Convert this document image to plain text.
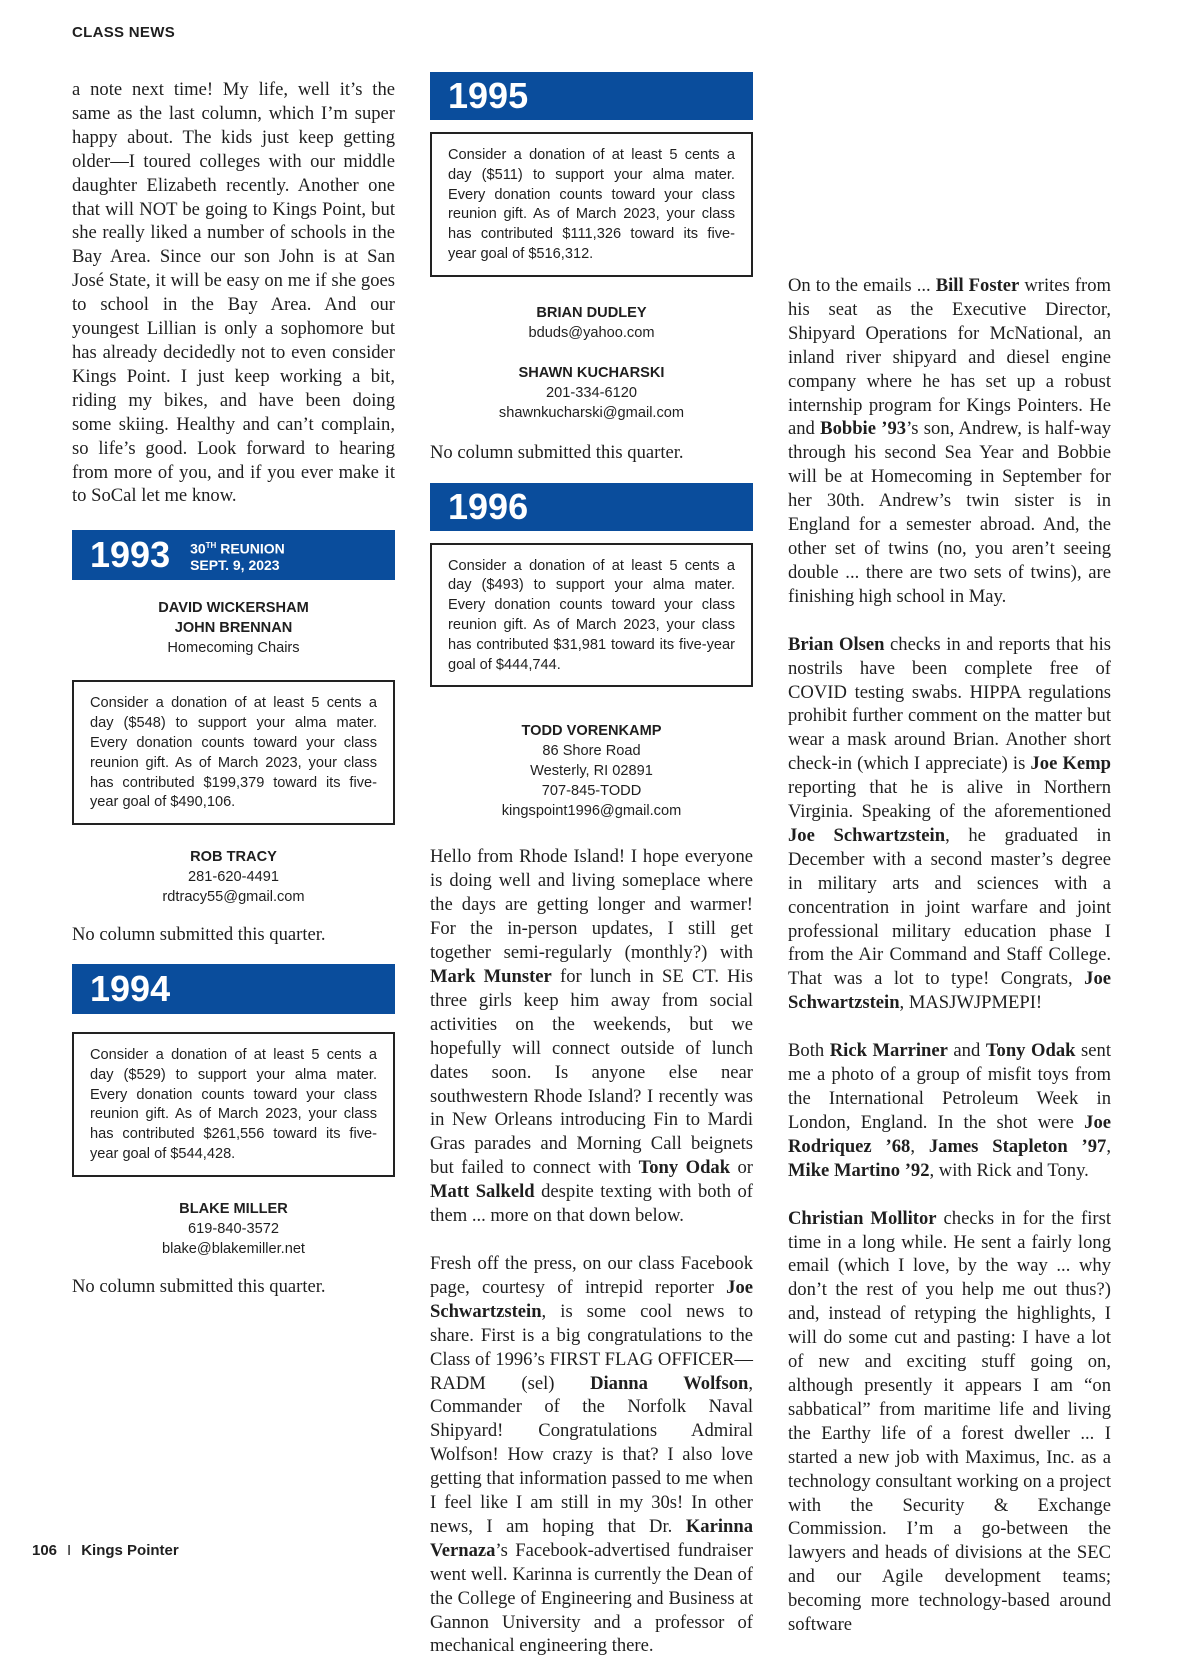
CLASS NEWS

a note next time! My life, well it’s the same as the last column, which I’m super happy about. The kids just keep getting older—I toured colleges with our middle daughter Elizabeth recently. Another one that will NOT be going to Kings Point, but she really liked a number of schools in the Bay Area. Since our son John is at San José State, it will be easy on me if she goes to school in the Bay Area. And our youngest Lillian is only a sophomore but has already decidedly not to even consider Kings Point. I just keep working a bit, riding my bikes, and have been doing some skiing. Healthy and can’t complain, so life’s good. Look forward to hearing from more of you, and if you ever make it to SoCal let me know.

1993 30TH REUNION
SEPT. 9, 2023
DAVID WICKERSHAM
JOHN BRENNAN
Homecoming Chairs
Consider a donation of at least 5 cents a day ($548) to support your alma mater. Every donation counts toward your class reunion gift. As of March 2023, your class has contributed $199,379 toward its five-year goal of $490,106.
ROB TRACY
281-620-4491
rdtracy55@gmail.com
No column submitted this quarter.
1994
Consider a donation of at least 5 cents a day ($529) to support your alma mater. Every donation counts toward your class reunion gift. As of March 2023, your class has contributed $261,556 toward its five-year goal of $544,428.
BLAKE MILLER
619-840-3572
blake@blakemiller.net
No column submitted this quarter.
1995
Consider a donation of at least 5 cents a day ($511) to support your alma mater. Every donation counts toward your class reunion gift. As of March 2023, your class has contributed $111,326 toward its five-year goal of $516,312.
BRIAN DUDLEY
bduds@yahoo.com
SHAWN KUCHARSKI
201-334-6120
shawnkucharski@gmail.com
No column submitted this quarter.
1996
Consider a donation of at least 5 cents a day ($493) to support your alma mater. Every donation counts toward your class reunion gift. As of March 2023, your class has contributed $31,981 toward its five-year goal of $444,744.
TODD VORENKAMP
86 Shore Road
Westerly, RI 02891
707-845-TODD
kingspoint1996@gmail.com

Hello from Rhode Island! I hope everyone is doing well and living someplace where the days are getting longer and warmer! For the in-person updates, I still get together semi-regularly (monthly?) with Mark Munster for lunch in SE CT. His three girls keep him away from social activities on the weekends, but we hopefully will connect outside of lunch dates soon. Is anyone else near southwestern Rhode Island? I recently was in New Orleans introducing Fin to Mardi Gras parades and Morning Call beignets but failed to connect with Tony Odak or Matt Salkeld despite texting with both of them ... more on that down below.

Fresh off the press, on our class Facebook page, courtesy of intrepid reporter Joe Schwartzstein, is some cool news to share. First is a big congratulations to the Class of 1996’s FIRST FLAG OFFICER—RADM (sel) Dianna Wolfson, Commander of the Norfolk Naval Shipyard! Congratulations Admiral Wolfson! How crazy is that? I also love getting that information passed to me when I feel like I am still in my 30s! In other news, I am hoping that Dr. Karinna Vernaza’s Facebook-advertised fundraiser went well. Karinna is currently the Dean of the College of Engineering and Business at Gannon University and a professor of mechanical engineering there.

On to the emails ... Bill Foster writes from his seat as the Executive Director, Shipyard Operations for McNational, an inland river shipyard and diesel engine company where he has set up a robust internship program for Kings Pointers. He and Bobbie ’93’s son, Andrew, is half-way through his second Sea Year and Bobbie will be at Homecoming in September for her 30th. Andrew’s twin sister is in England for a semester abroad. And, the other set of twins (no, you aren’t seeing double ... there are two sets of twins), are finishing high school in May.

Brian Olsen checks in and reports that his nostrils have been complete free of COVID testing swabs. HIPPA regulations prohibit further comment on the matter but wear a mask around Brian. Another short check-in (which I appreciate) is Joe Kemp reporting that he is alive in Northern Virginia. Speaking of the aforementioned Joe Schwartzstein, he graduated in December with a second master’s degree in military arts and sciences with a concentration in joint warfare and joint professional military education phase I from the Air Command and Staff College. That was a lot to type! Congrats, Joe Schwartzstein, MASJWJPMEPI!

Both Rick Marriner and Tony Odak sent me a photo of a group of misfit toys from the International Petroleum Week in London, England. In the shot were Joe Rodriquez ’68, James Stapleton ’97, Mike Martino ’92, with Rick and Tony.

Christian Mollitor checks in for the first time in a long while. He sent a fairly long email (which I love, by the way ... why don’t the rest of you help me out thus?) and, instead of retyping the highlights, I will do some cut and pasting: I have a lot of new and exciting stuff going on, although presently it appears I am “on sabbatical” from maritime life and living the Earthy life of a forest dweller ... I started a new job with Maximus, Inc. as a technology consultant working on a project with the Security & Exchange Commission. I’m a go-between the lawyers and heads of divisions at the SEC and our Agile development teams; becoming more technology-based around software

106 I Kings Pointer
